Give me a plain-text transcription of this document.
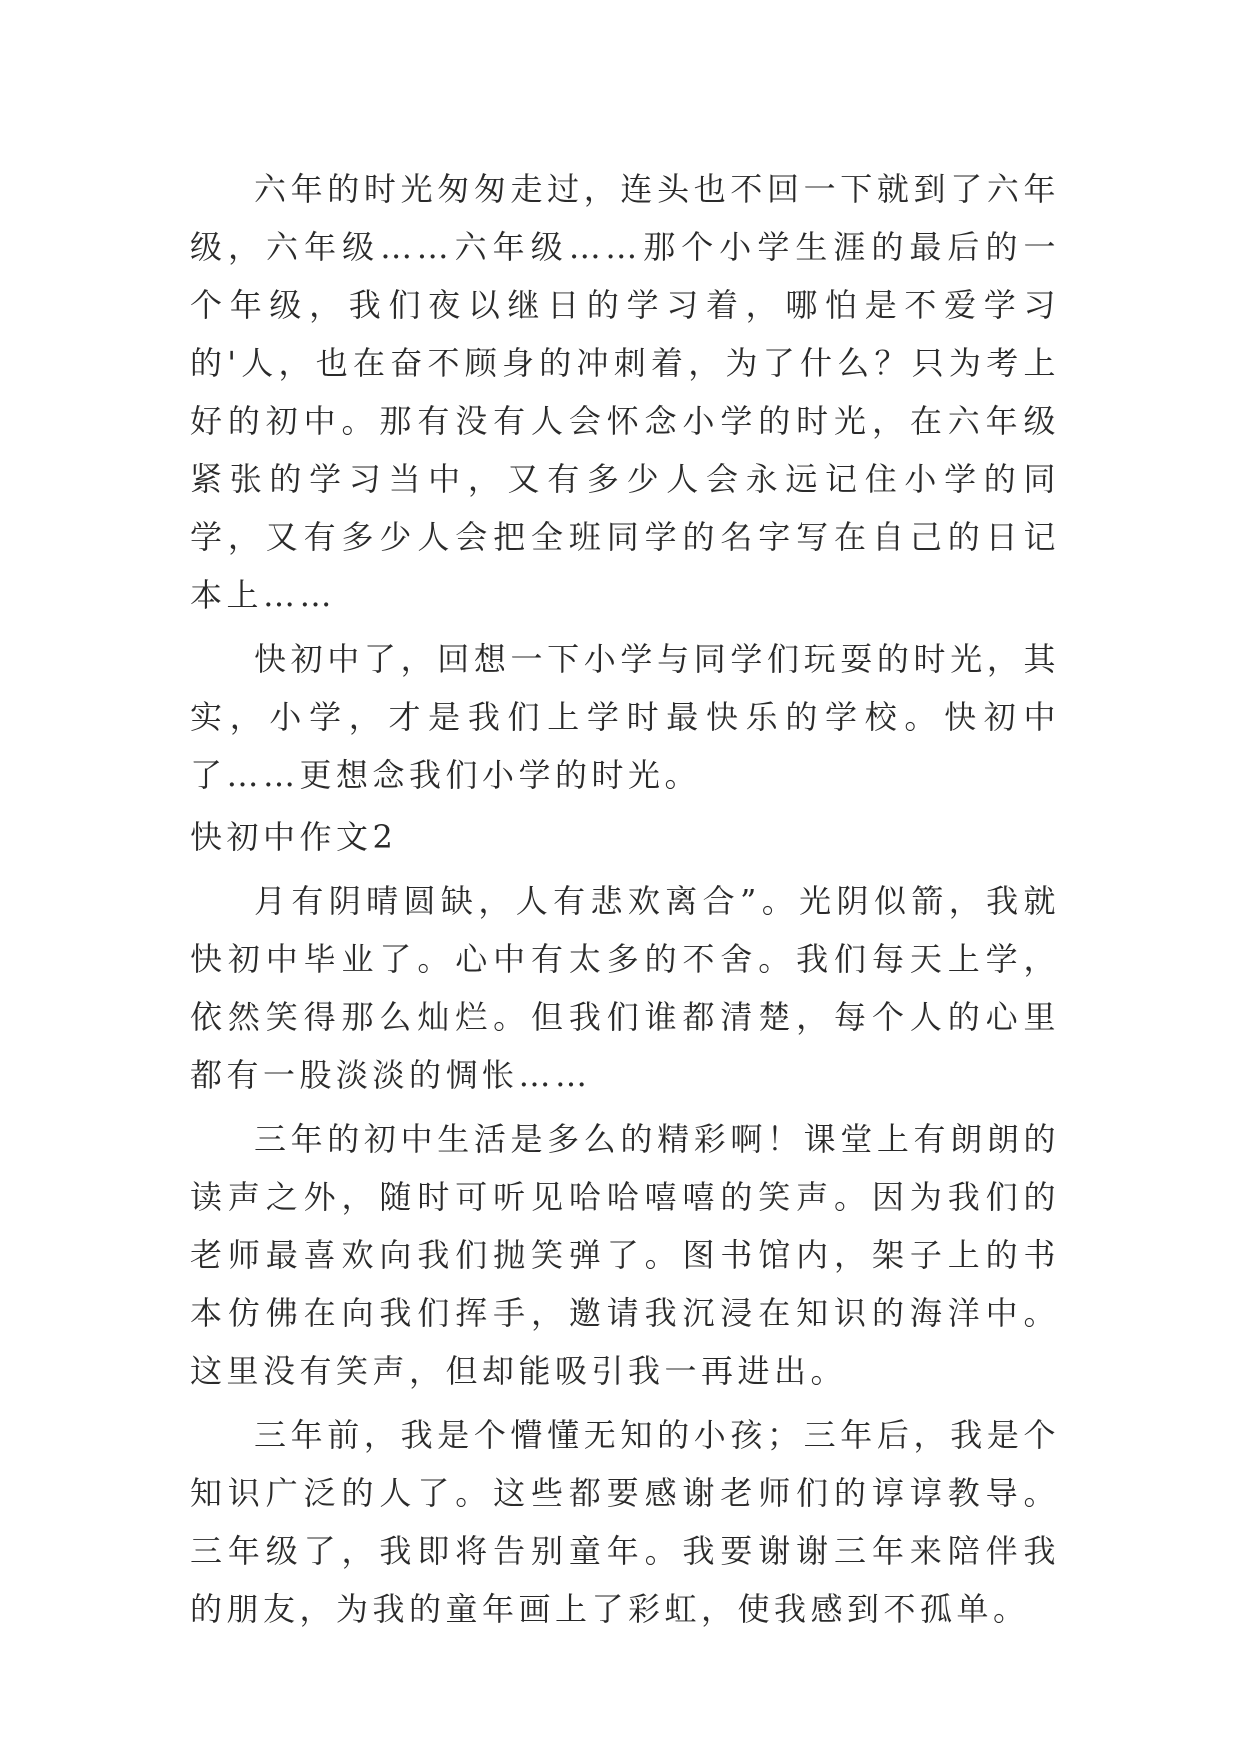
六年的时光匆匆走过，连头也不回一下就到了六年级，六年级……六年级……那个小学生涯的最后的一个年级，我们夜以继日的学习着，哪怕是不爱学习的'人，也在奋不顾身的冲刺着，为了什么？只为考上好的初中。那有没有人会怀念小学的时光，在六年级紧张的学习当中，又有多少人会永远记住小学的同学，又有多少人会把全班同学的名字写在自己的日记本上……

快初中了，回想一下小学与同学们玩耍的时光，其实，小学，才是我们上学时最快乐的学校。快初中了……更想念我们小学的时光。

快初中作文2

月有阴晴圆缺，人有悲欢离合”。光阴似箭，我就快初中毕业了。心中有太多的不舍。我们每天上学，依然笑得那么灿烂。但我们谁都清楚，每个人的心里都有一股淡淡的惆怅……

三年的初中生活是多么的精彩啊！课堂上有朗朗的读声之外，随时可听见哈哈嘻嘻的笑声。因为我们的老师最喜欢向我们抛笑弹了。图书馆内，架子上的书本仿佛在向我们挥手，邀请我沉浸在知识的海洋中。这里没有笑声，但却能吸引我一再进出。

三年前，我是个懵懂无知的小孩；三年后，我是个知识广泛的人了。这些都要感谢老师们的谆谆教导。三年级了，我即将告别童年。我要谢谢三年来陪伴我的朋友，为我的童年画上了彩虹，使我感到不孤单。
